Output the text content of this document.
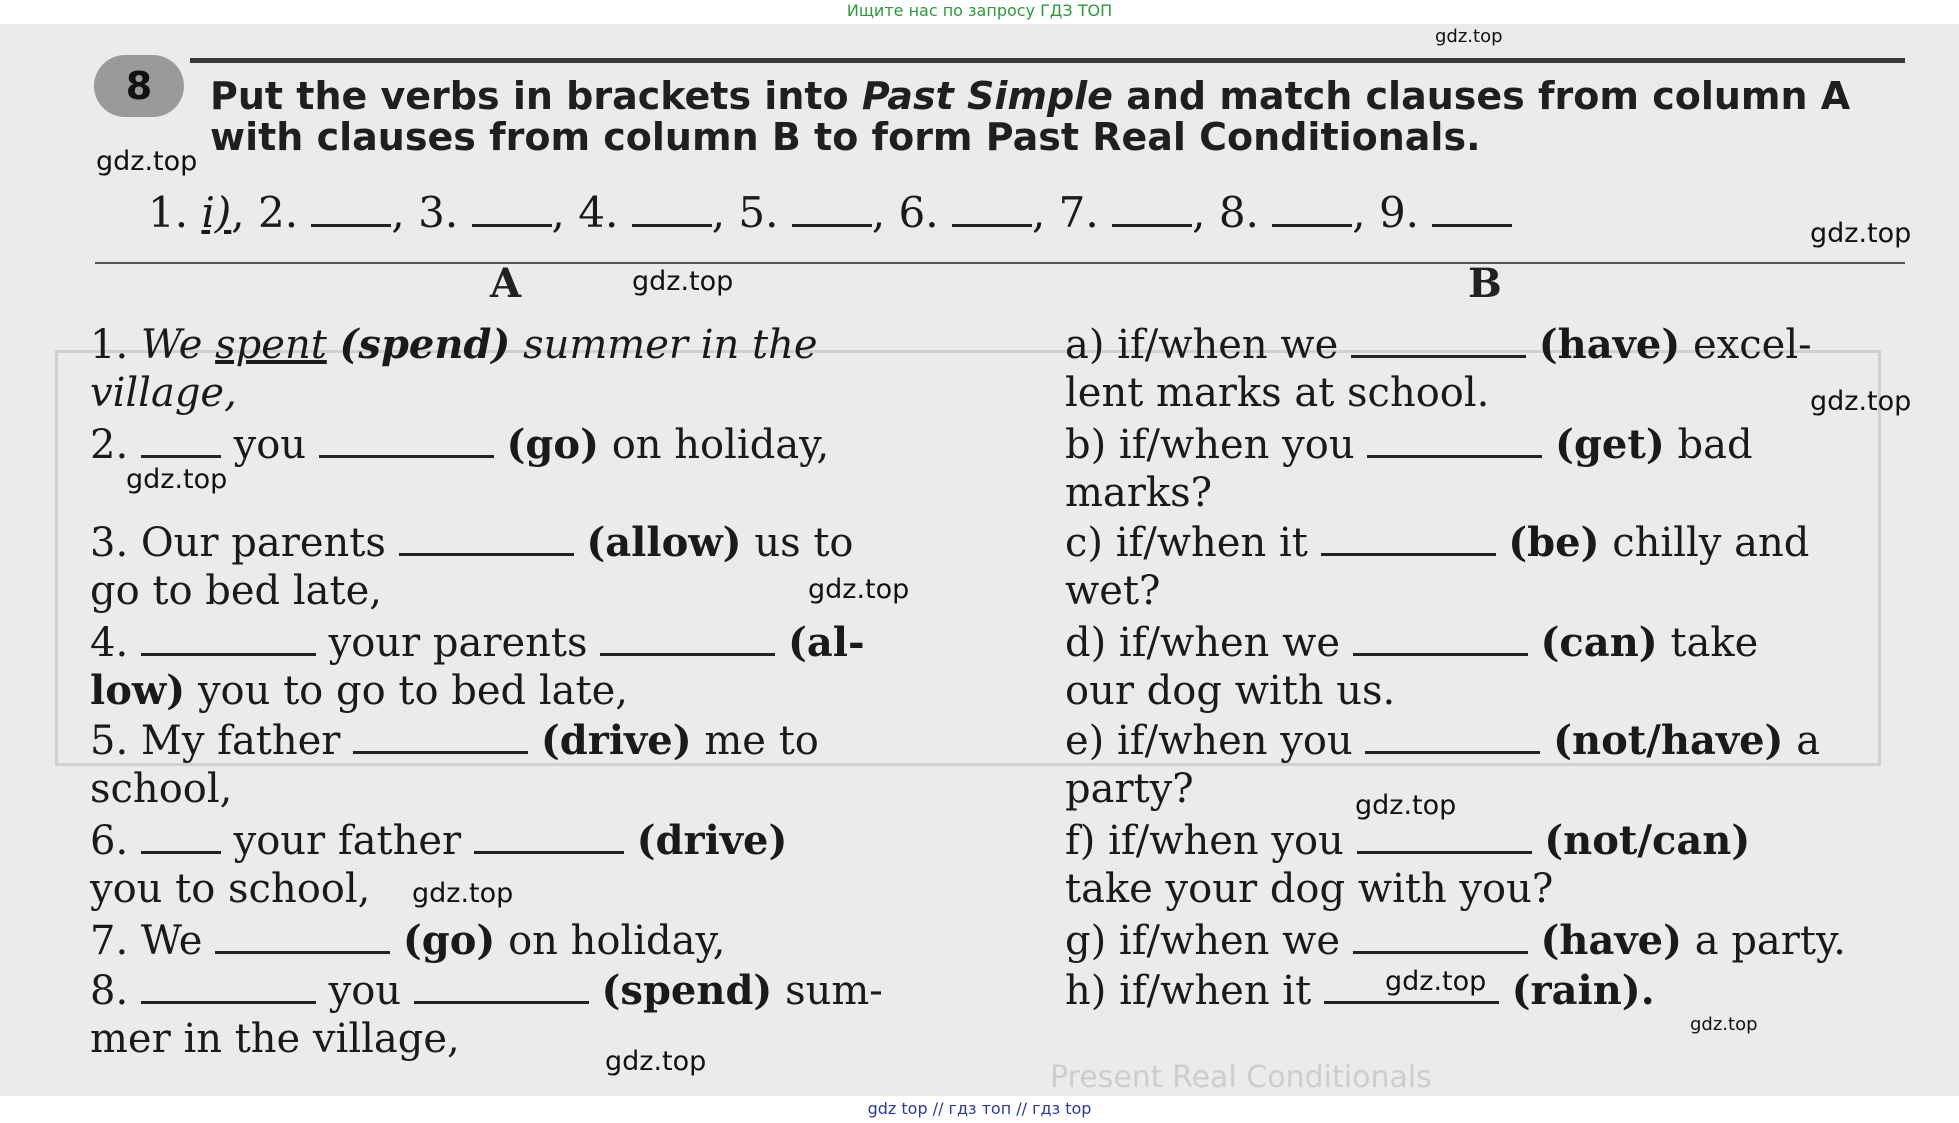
Ищите нас по запросу ГДЗ ТОП
Present Real Conditionals
8	Put the verbs in brackets into Past Simple and match clauses from column A
with clauses from column B to form Past Real Conditionals.
1. i), 2. , 3. , 4. , 5. , 6. , 7. , 8. , 9.
A	B
1. We spent (spend) summer in the
village,
2.	you	(go) on holiday,
3. Our parents	(allow) us to
go to bed late,
4.	your parents	(al-
low) you to go to bed late,
5. My father	(drive) me to
school,
6.	your father	(drive)
you to school,
7. We	(go) on holiday,
8.	you	(spend) sum-
mer in the village,
a) if/when we	(have) excel-
lent marks at school.
b) if/when you	(get) bad
marks?
c) if/when it	(be) chilly and
wet?
d) if/when we	(can) take
our dog with us.
e) if/when you	(not/have) a
party?
f) if/when you	(not/can)
take your dog with you?
g) if/when we	(have) a party.
h) if/when it	(rain).
gdz.top
gdz.top
gdz.top
gdz.top
gdz.top
gdz.top
gdz.top
gdz.top
gdz.top
gdz.top
gdz.top
gdz.top
gdz top // гдз топ // гдз top
